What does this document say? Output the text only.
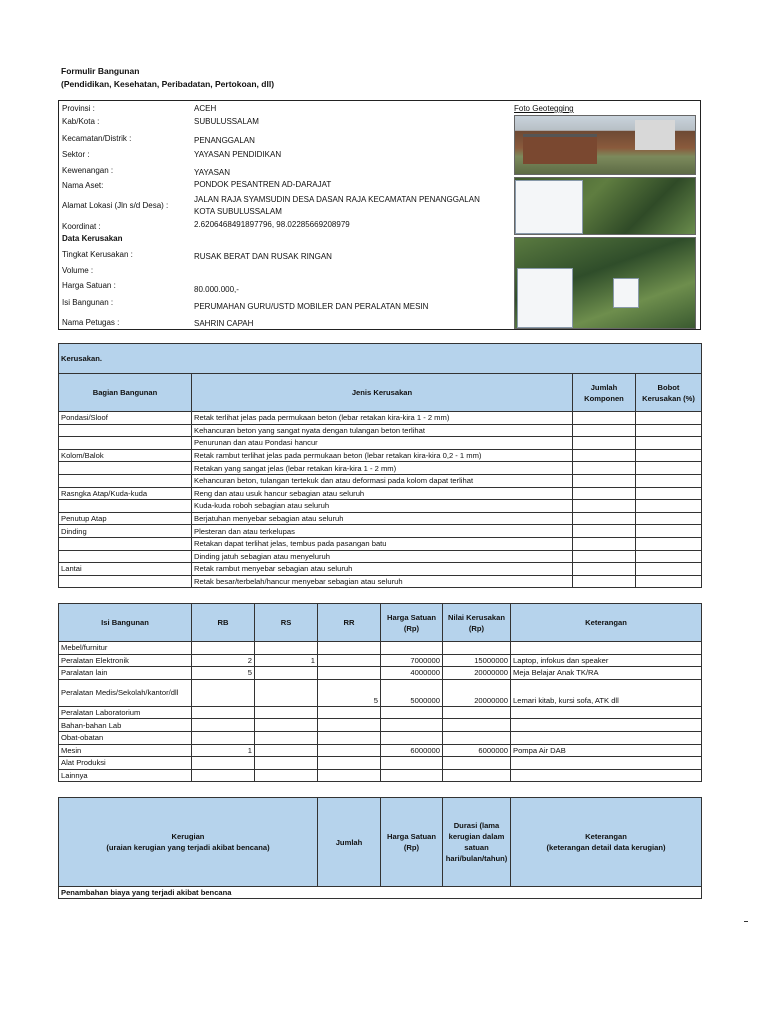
Formulir Bangunan
(Pendidikan, Kesehatan, Peribadatan, Pertokoan, dll)
Provinsi :	ACEH
Kab/Kota :	SUBULUSSALAM
Kecamatan/Distrik :	PENANGGALAN
Sektor :	YAYASAN PENDIDIKAN
Kewenangan :	YAYASAN
Nama Aset:	PONDOK PESANTREN AD-DARAJAT
Alamat Lokasi (Jln s/d Desa) :
JALAN RAJA SYAMSUDIN DESA DASAN RAJA KECAMATAN PENANGGALAN
KOTA SUBULUSSALAM
Koordinat :	2.6206468491897796, 98.02285669208979
Data Kerusakan
Tingkat Kerusakan :	RUSAK BERAT DAN RUSAK RINGAN
Volume :
Harga Satuan :	80.000.000,-
Isi Bangunan :	PERUMAHAN GURU/USTD MOBILER DAN PERALATAN MESIN
Nama Petugas :	SAHRIN CAPAH
Foto Geotegging
Kerusakan.			
Bagian Bangunan	Jenis Kerusakan	Jumlah Komponen	Bobot Kerusakan (%)
Pondasi/Sloof	Retak terlihat jelas pada permukaan beton (lebar retakan kira-kira 1 - 2 mm)		
	Kehancuran beton yang sangat nyata dengan tulangan beton terlihat		
	Penurunan dan atau Pondasi hancur		
Kolom/Balok	Retak rambut terlihat jelas pada permukaan beton (lebar retakan kira-kira 0,2 - 1 mm)		
	Retakan yang sangat jelas (lebar retakan kira-kira 1 - 2 mm)		
	Kehancuran beton, tulangan tertekuk dan atau deformasi pada kolom dapat terlihat		
Rasngka Atap/Kuda-kuda	Reng dan atau usuk hancur sebagian atau seluruh		
	Kuda-kuda roboh sebagian atau seluruh		
Penutup Atap	Berjatuhan menyebar sebagian atau seluruh		
Dinding	Plesteran dan atau terkelupas		
	Retakan dapat terlihat jelas, tembus pada pasangan batu		
	Dinding jatuh sebagian atau menyeluruh		
Lantai	Retak rambut menyebar sebagian atau seluruh		
	Retak besar/terbelah/hancur menyebar sebagian atau seluruh		
Isi Bangunan	RB	RS	RR	Harga Satuan (Rp)	Nilai Kerusakan (Rp)	Keterangan
Mebel/furnitur						
Peralatan Elektronik	2	1		7000000	15000000	Laptop, infokus dan speaker
Paralatan lain	5			4000000	20000000	Meja Belajar Anak TK/RA
Peralatan Medis/Sekolah/kantor/dll			5	5000000	20000000	Lemari kitab, kursi sofa, ATK dll
Peralatan Laboratorium						
Bahan-bahan Lab						
Obat-obatan						
Mesin	1			6000000	6000000	Pompa Air DAB
Alat Produksi						
Lainnya						
Kerugian
(uraian kerugian yang terjadi akibat bencana)	Jumlah	Harga Satuan (Rp)	Durasi (lama kerugian dalam satuan hari/bulan/tahun)	Keterangan
(keterangan detail data kerugian)
Penambahan biaya yang terjadi akibat bencana
